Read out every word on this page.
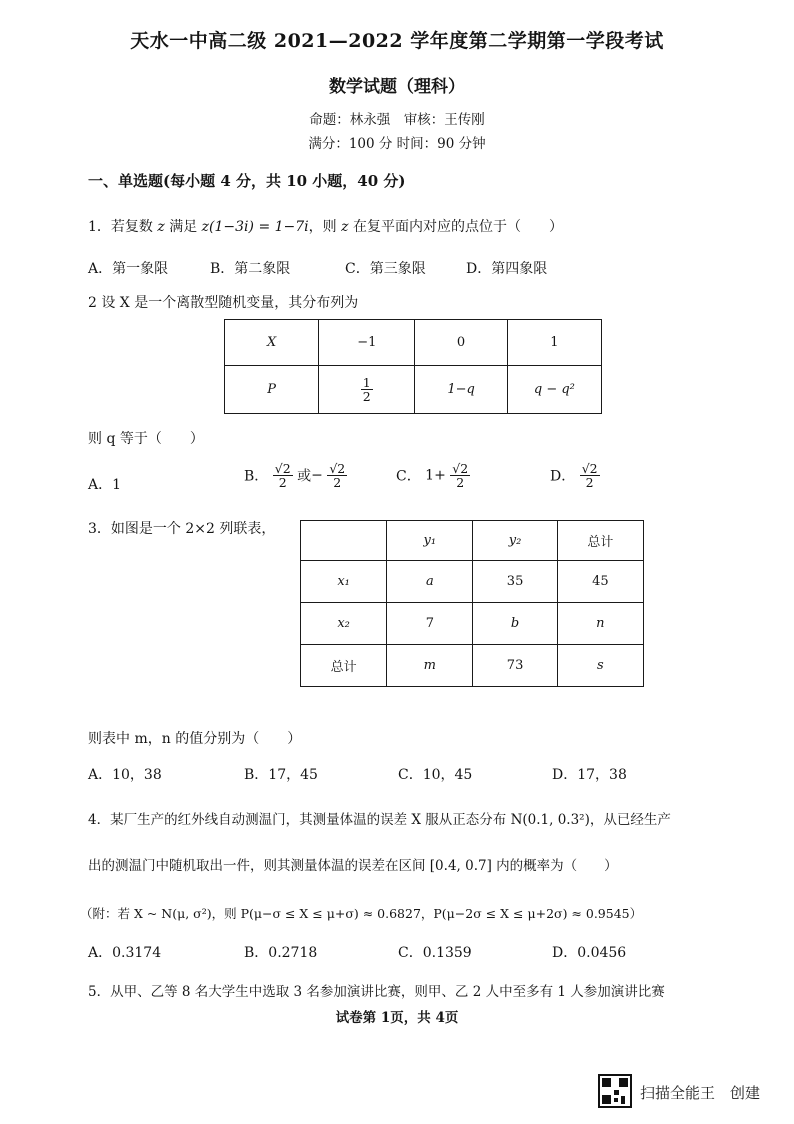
天水一中高二级 2021—2022 学年度第二学期第一学段考试
数学试题（理科）
命题：林永强　审核：王传刚
满分：100 分 时间：90 分钟
一、单选题(每小题 4 分，共 10 小题，40 分)
1．若复数 z 满足 z(1−3i) = 1−7i，则 z 在复平面内对应的点位于（　　）
A．第一象限	B．第二象限	C．第三象限	D．第四象限
2 设 X 是一个离散型随机变量，其分布列为
X	−1	0	1
P	$\frac{1}{2}$	1−q	q − q²
则 q 等于（　　）
A．1
B． $\frac{√2}{2}$ 或− $\frac{√2}{2}$	C． $1+ \frac{√2}{2}$	D． $\frac{√2}{2}$
3．如图是一个 2×2 列联表，
	y₁	y₂	总计
x₁	a	35	45
x₂	7	b	n
总计	m	73	s
则表中 m，n 的值分别为（　　）
A．10，38	B．17，45	C．10，45	D．17，38
4．某厂生产的红外线自动测温门，其测量体温的误差 X 服从正态分布 N(0.1, 0.3²)，从已经生产
出的测温门中随机取出一件，则其测量体温的误差在区间 [0.4, 0.7] 内的概率为（　　）
（附：若 X ~ N(μ, σ²)，则 P(μ−σ ≤ X ≤ μ+σ) ≈ 0.6827，P(μ−2σ ≤ X ≤ μ+2σ) ≈ 0.9545）
A．0.3174	B．0.2718	C．0.1359	D．0.0456
5．从甲、乙等 8 名大学生中选取 3 名参加演讲比赛，则甲、乙 2 人中至多有 1 人参加演讲比赛
试卷第 1页，共 4页
扫描全能王　创建
